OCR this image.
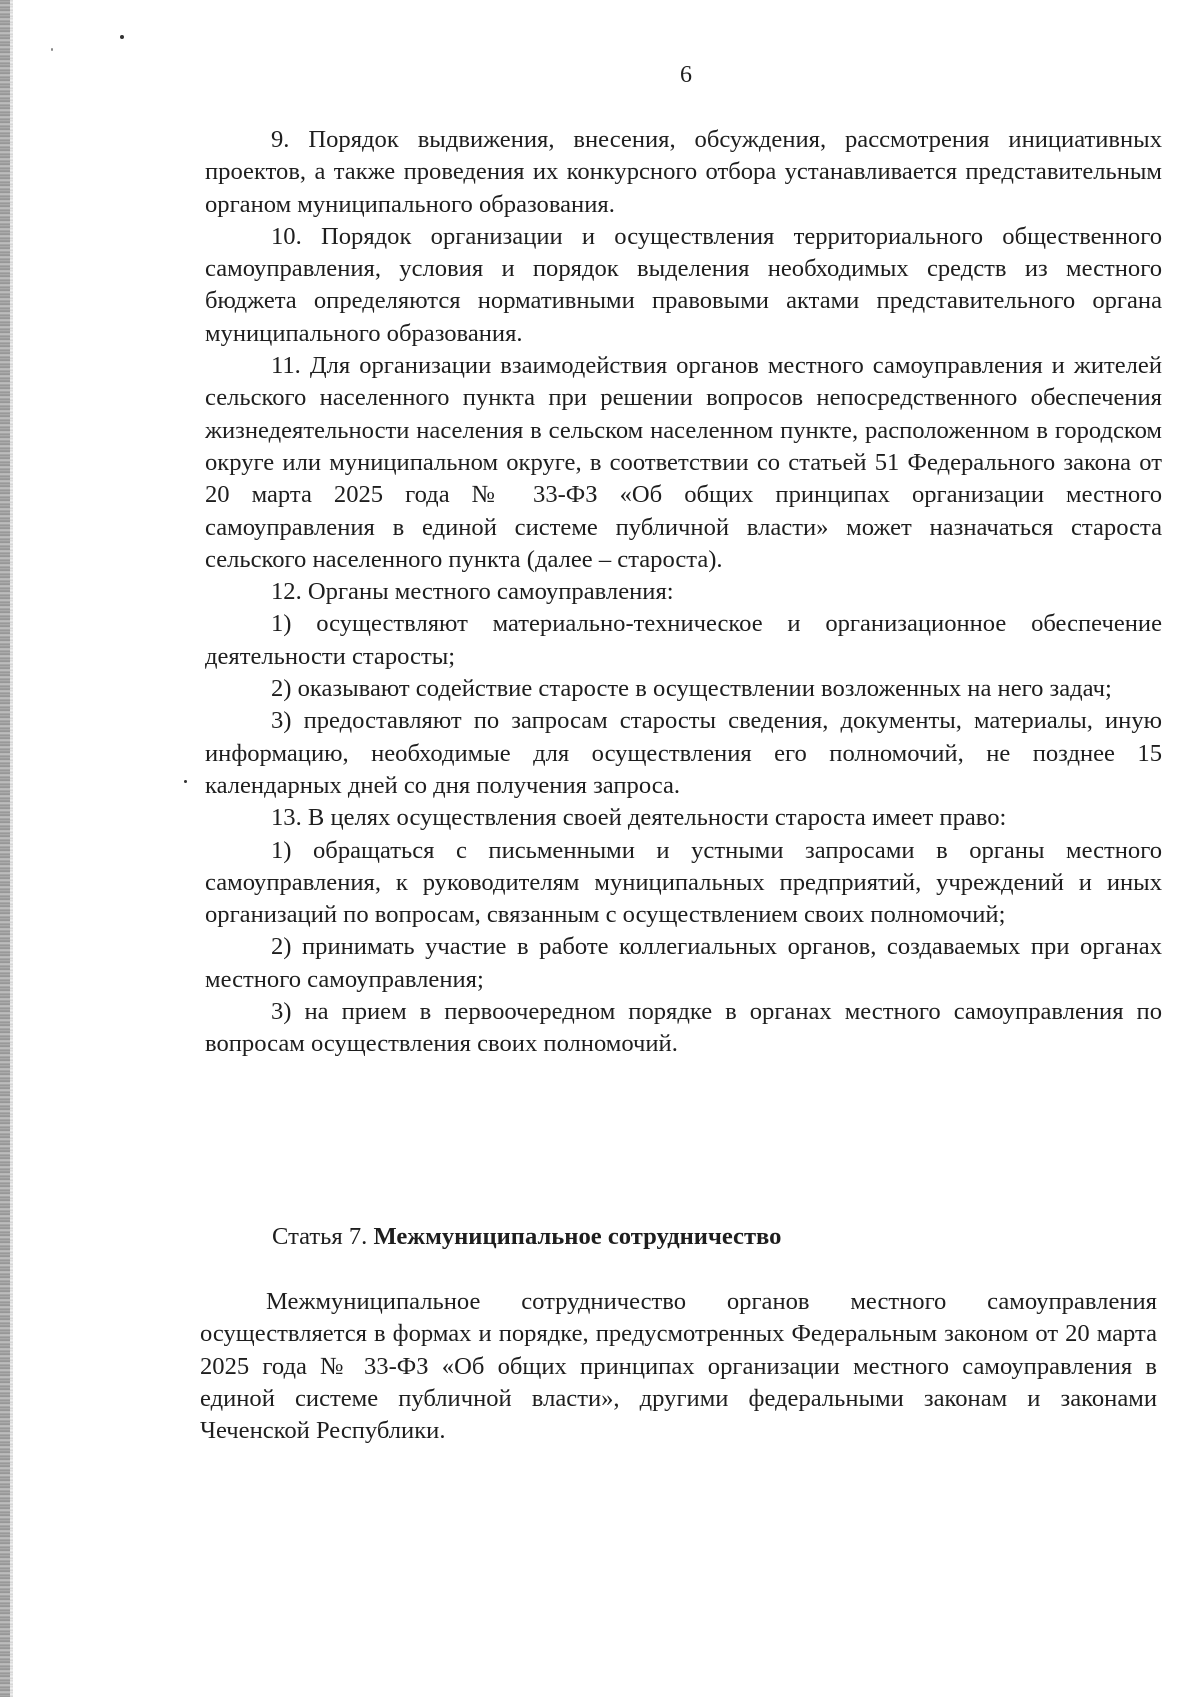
6

9. Порядок выдвижения, внесения, обсуждения, рассмотрения инициативных проектов, а также проведения их конкурсного отбора устанавливается представительным органом муниципального образования.

10. Порядок организации и осуществления территориального общественного самоуправления, условия и порядок выделения необходимых средств из местного бюджета определяются нормативными правовыми актами представительного органа муниципального образования.

11. Для организации взаимодействия органов местного самоуправления и жителей сельского населенного пункта при решении вопросов непосредственного обеспечения жизнедеятельности населения в сельском населенном пункте, расположенном в городском округе или муниципальном округе, в соответствии со статьей 51 Федерального закона от 20 марта 2025 года № 33-ФЗ «Об общих принципах организации местного самоуправления в единой системе публичной власти» может назначаться староста сельского населенного пункта (далее – староста).

12. Органы местного самоуправления:

1) осуществляют материально-техническое и организационное обеспечение деятельности старосты;

2) оказывают содействие старосте в осуществлении возложенных на него задач;

3) предоставляют по запросам старосты сведения, документы, материалы, иную информацию, необходимые для осуществления его полномочий, не позднее 15 календарных дней со дня получения запроса.

13. В целях осуществления своей деятельности староста имеет право:

1) обращаться с письменными и устными запросами в органы местного самоуправления, к руководителям муниципальных предприятий, учреждений и иных организаций по вопросам, связанным с осуществлением своих полномочий;

2) принимать участие в работе коллегиальных органов, создаваемых при органах местного самоуправления;

3) на прием в первоочередном порядке в органах местного самоуправления по вопросам осуществления своих полномочий.

Статья 7. Межмуниципальное сотрудничество

Межмуниципальное сотрудничество органов местного самоуправления осуществляется в формах и порядке, предусмотренных Федеральным законом от 20 марта 2025 года № 33-ФЗ «Об общих принципах организации местного самоуправления в единой системе публичной власти», другими федеральными законам и законами Чеченской Республики.
